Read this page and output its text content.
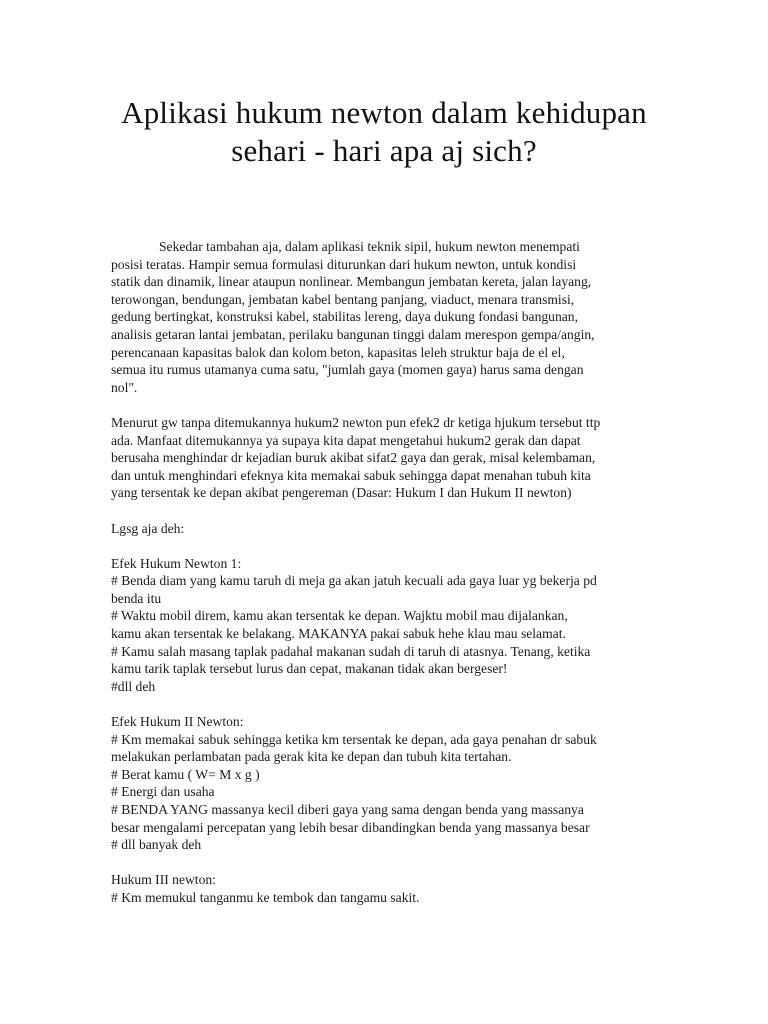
Aplikasi hukum newton dalam kehidupan sehari - hari apa aj sich?
Sekedar tambahan aja, dalam aplikasi teknik sipil, hukum newton menempati
posisi teratas. Hampir semua formulasi diturunkan dari hukum newton, untuk kondisi
statik dan dinamik, linear ataupun nonlinear. Membangun jembatan kereta, jalan layang,
terowongan, bendungan, jembatan kabel bentang panjang, viaduct, menara transmisi,
gedung bertingkat, konstruksi kabel, stabilitas lereng, daya dukung fondasi bangunan,
analisis getaran lantai jembatan, perilaku bangunan tinggi dalam merespon gempa/angin,
perencanaan kapasitas balok dan kolom beton, kapasitas leleh struktur baja de el el,
semua itu rumus utamanya cuma satu, "jumlah gaya (momen gaya) harus sama dengan
nol".
Menurut gw tanpa ditemukannya hukum2 newton pun efek2 dr ketiga hjukum tersebut ttp
ada. Manfaat ditemukannya ya supaya kita dapat mengetahui hukum2 gerak dan dapat
berusaha menghindar dr kejadian buruk akibat sifat2 gaya dan gerak, misal kelembaman,
dan untuk menghindari efeknya kita memakai sabuk sehingga dapat menahan tubuh kita
yang tersentak ke depan akibat pengereman (Dasar: Hukum I dan Hukum II newton)
Lgsg aja deh:
Efek Hukum Newton 1:
# Benda diam yang kamu taruh di meja ga akan jatuh kecuali ada gaya luar yg bekerja pd
benda itu
# Waktu mobil direm, kamu akan tersentak ke depan. Wajktu mobil mau dijalankan,
kamu akan tersentak ke belakang. MAKANYA pakai sabuk hehe klau mau selamat.
# Kamu salah masang taplak padahal makanan sudah di taruh di atasnya. Tenang, ketika
kamu tarik taplak tersebut lurus dan cepat, makanan tidak akan bergeser!
#dll deh
Efek Hukum II Newton:
# Km memakai sabuk sehingga ketika km tersentak ke depan, ada gaya penahan dr sabuk
melakukan perlambatan pada gerak kita ke depan dan tubuh kita tertahan.
# Berat kamu ( W= M x g )
# Energi dan usaha
# BENDA YANG massanya kecil diberi gaya yang sama dengan benda yang massanya
besar mengalami percepatan yang lebih besar dibandingkan benda yang massanya besar
# dll banyak deh
Hukum III newton:
# Km memukul tanganmu ke tembok dan tangamu sakit.
